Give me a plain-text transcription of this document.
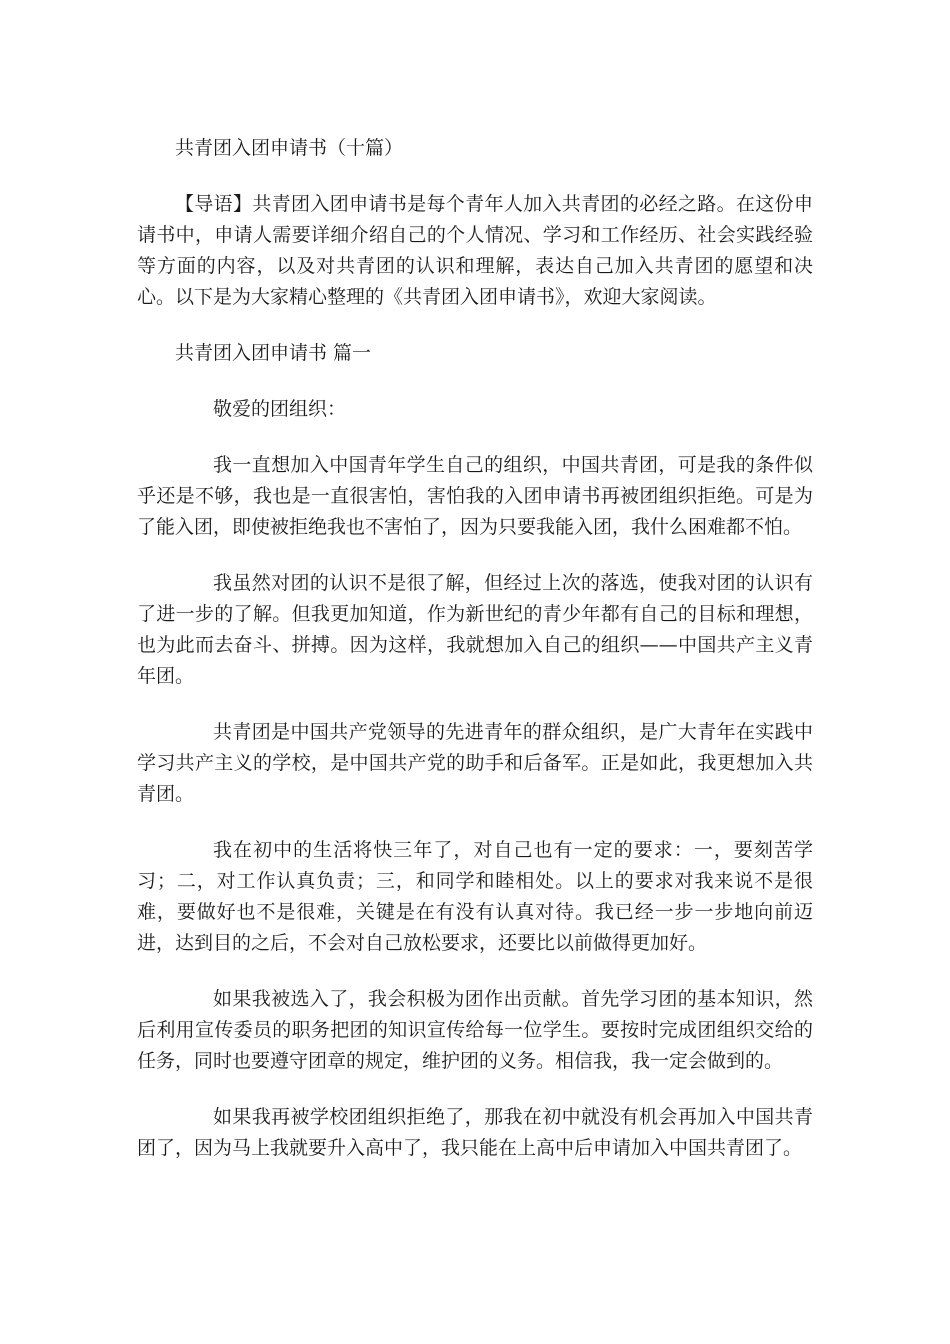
共青团入团申请书（十篇）

【导语】共青团入团申请书是每个青年人加入共青团的必经之路。在这份申请书中，申请人需要详细介绍自己的个人情况、学习和工作经历、社会实践经验等方面的内容，以及对共青团的认识和理解，表达自己加入共青团的愿望和决心。以下是为大家精心整理的《共青团入团申请书》，欢迎大家阅读。

共青团入团申请书 篇一

敬爱的团组织：

我一直想加入中国青年学生自己的组织，中国共青团，可是我的条件似乎还是不够，我也是一直很害怕，害怕我的入团申请书再被团组织拒绝。可是为了能入团，即使被拒绝我也不害怕了，因为只要我能入团，我什么困难都不怕。

我虽然对团的认识不是很了解，但经过上次的落选，使我对团的认识有了进一步的了解。但我更加知道，作为新世纪的青少年都有自己的目标和理想，也为此而去奋斗、拼搏。因为这样，我就想加入自己的组织——中国共产主义青年团。

共青团是中国共产党领导的先进青年的群众组织，是广大青年在实践中学习共产主义的学校，是中国共产党的助手和后备军。正是如此，我更想加入共青团。

我在初中的生活将快三年了，对自己也有一定的要求：一，要刻苦学习；二，对工作认真负责；三，和同学和睦相处。以上的要求对我来说不是很难，要做好也不是很难，关键是在有没有认真对待。我已经一步一步地向前迈进，达到目的之后，不会对自己放松要求，还要比以前做得更加好。

如果我被选入了，我会积极为团作出贡献。首先学习团的基本知识，然后利用宣传委员的职务把团的知识宣传给每一位学生。要按时完成团组织交给的任务，同时也要遵守团章的规定，维护团的义务。相信我，我一定会做到的。

如果我再被学校团组织拒绝了，那我在初中就没有机会再加入中国共青团了，因为马上我就要升入高中了，我只能在上高中后申请加入中国共青团了。
